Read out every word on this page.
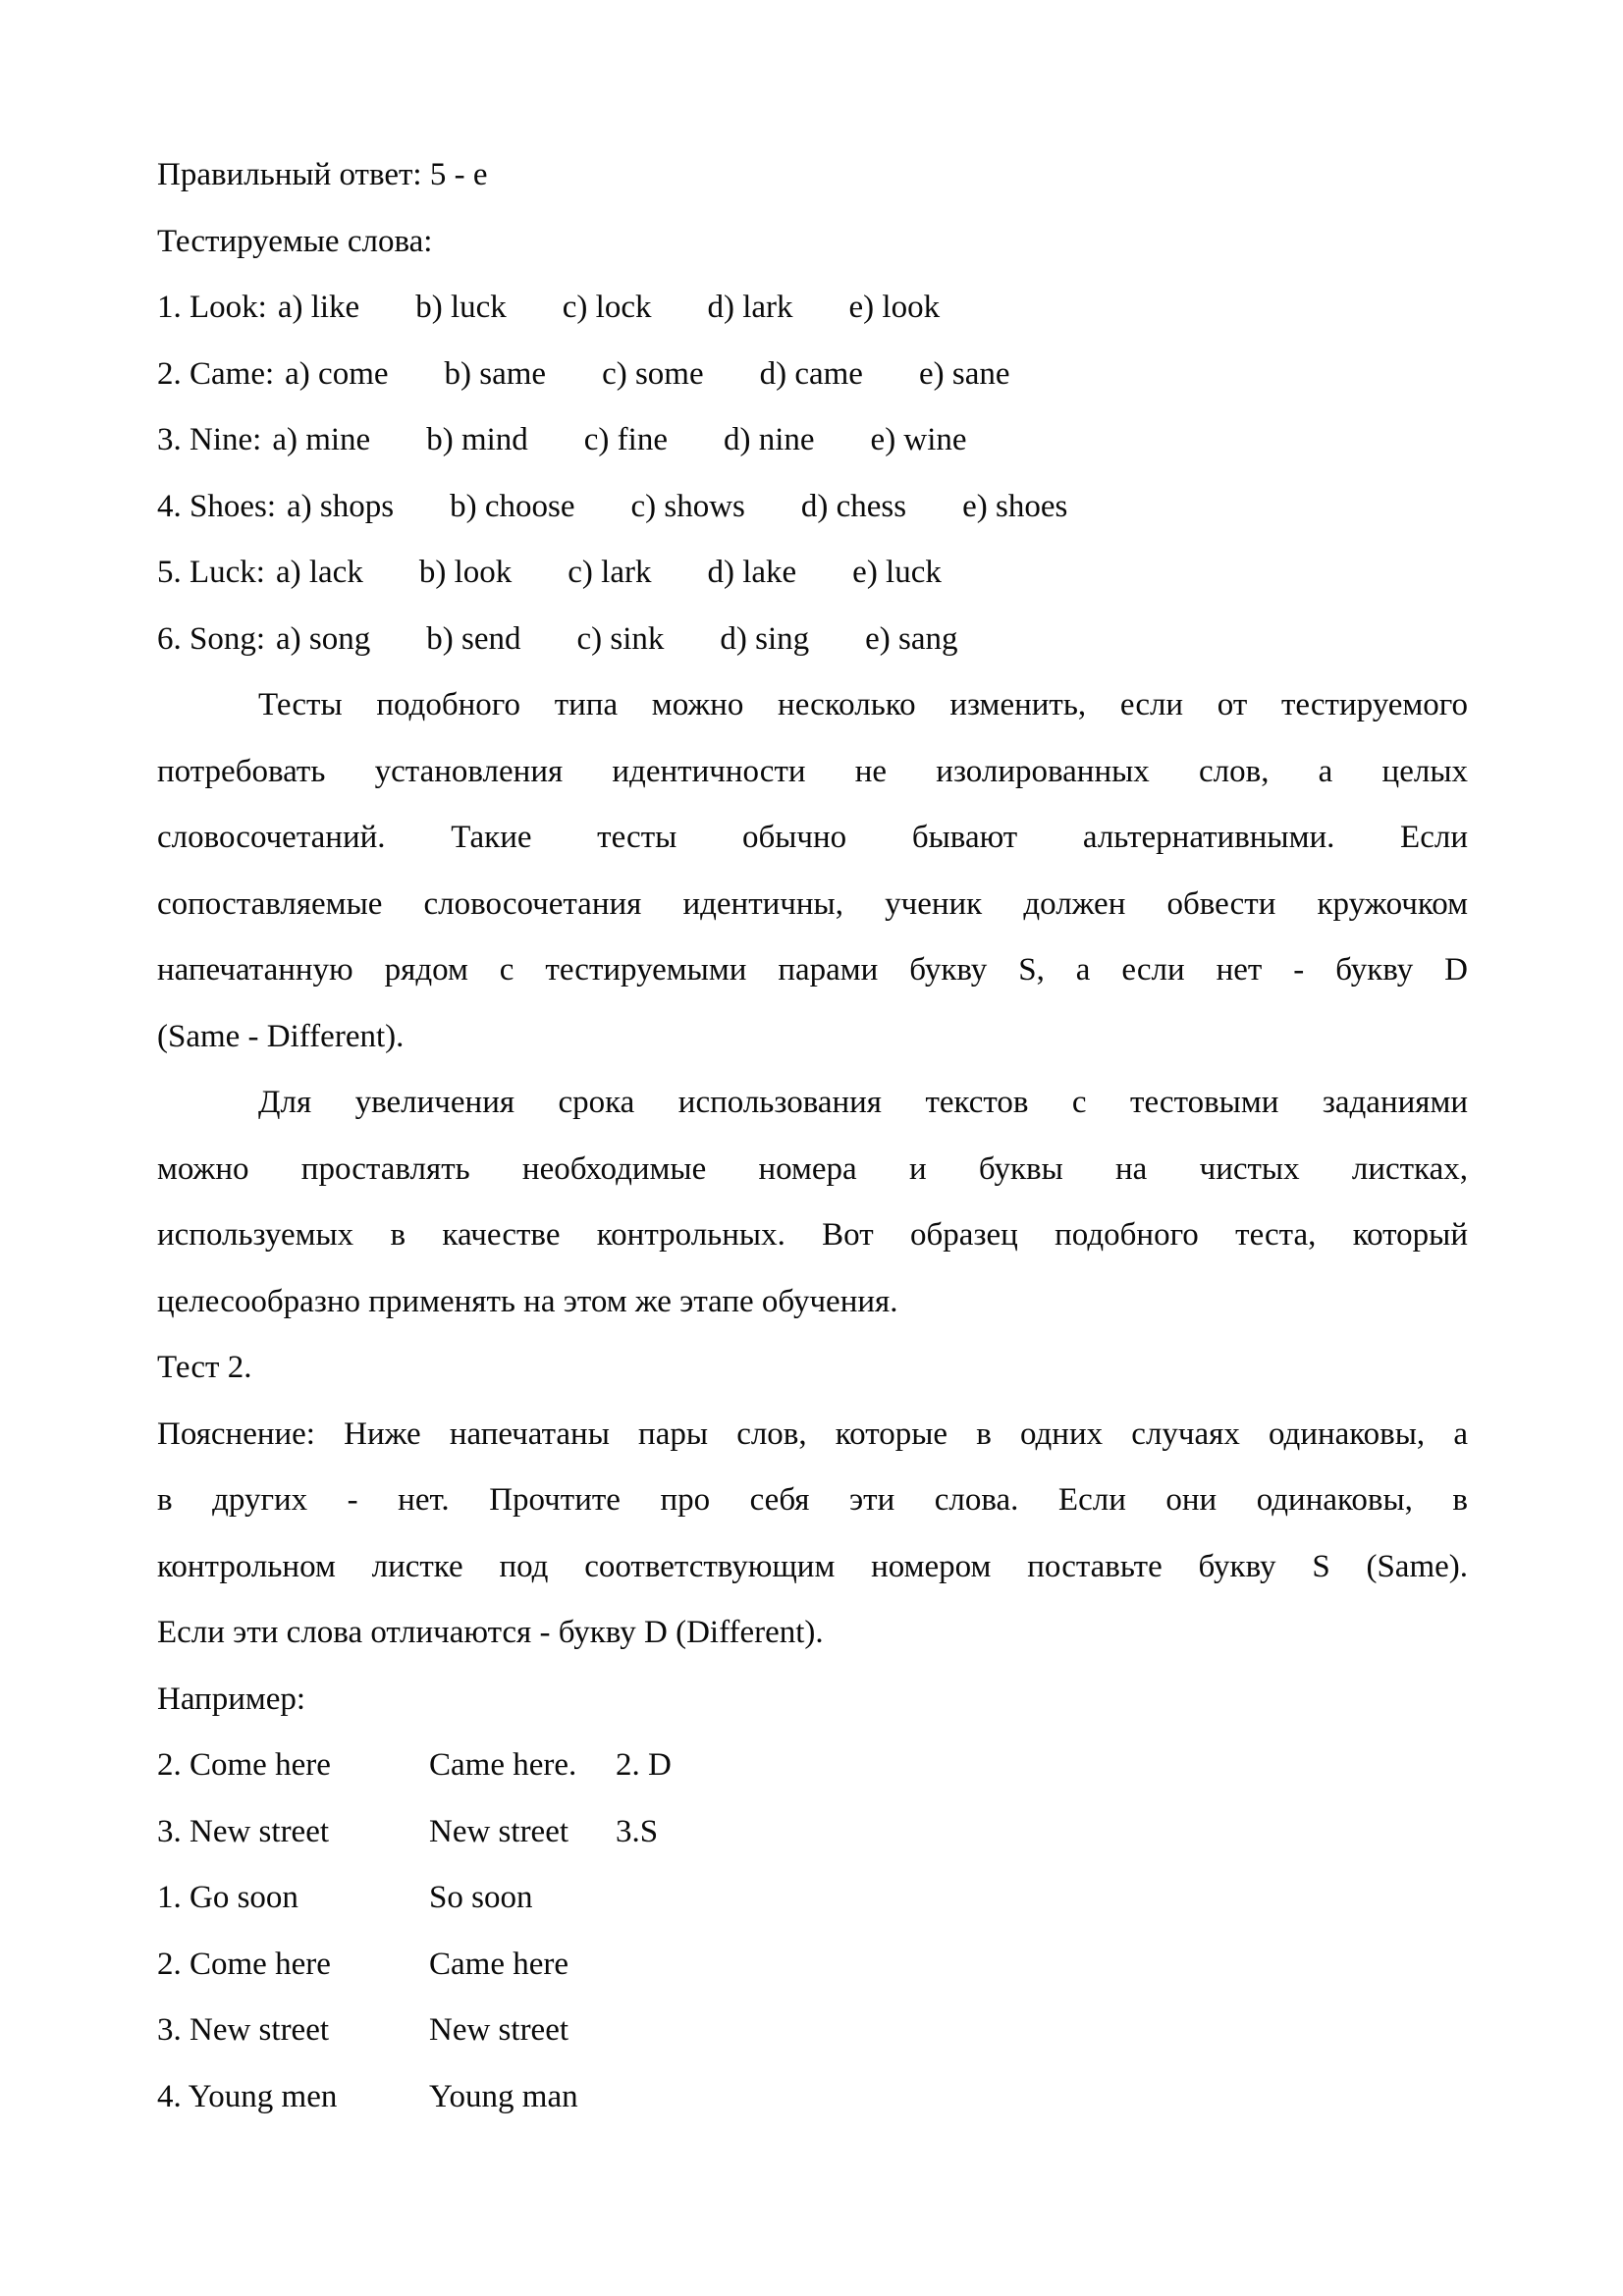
Правильный ответ: 5 - е
Тестируемые слова:
1. Look: a) like b) luck c) lock d) lark e) look
2. Came: a) come b) same c) some d) came e) sane
3. Nine: a) mine b) mind c) fine d) nine e) wine
4. Shoes: a) shops b) choose c) shows d) chess e) shoes
5. Luck: a) lack b) look c) lark d) lake e) luck
6. Song: a) song b) send c) sink d) sing e) sang
Тесты подобного типа можно несколько изменить, если от тестируемого
потребовать установления идентичности не изолированных слов, а целых
словосочетаний. Такие тесты обычно бывают альтернативными. Если
сопоставляемые словосочетания идентичны, ученик должен обвести кружочком
напечатанную рядом с тестируемыми парами букву S, а если нет - букву D
(Same - Different).
Для увеличения срока использования текстов с тестовыми заданиями
можно проставлять необходимые номера и буквы на чистых листках,
используемых в качестве контрольных. Вот образец подобного теста, который
целесообразно применять на этом же этапе обучения.
Тест 2.
Пояснение: Ниже напечатаны пары слов, которые в одних случаях одинаковы, а
в других - нет. Прочтите про себя эти слова. Если они одинаковы, в
контрольном листке под соответствующим номером поставьте букву S (Same).
Если эти слова отличаются - букву D (Different).
Например:
2. Come here	Came here. 2. D
3. New street	New street 3.S
1. Go soon	So soon
2. Come here	Came here
3. New street	New street
4. Young men	Young man
